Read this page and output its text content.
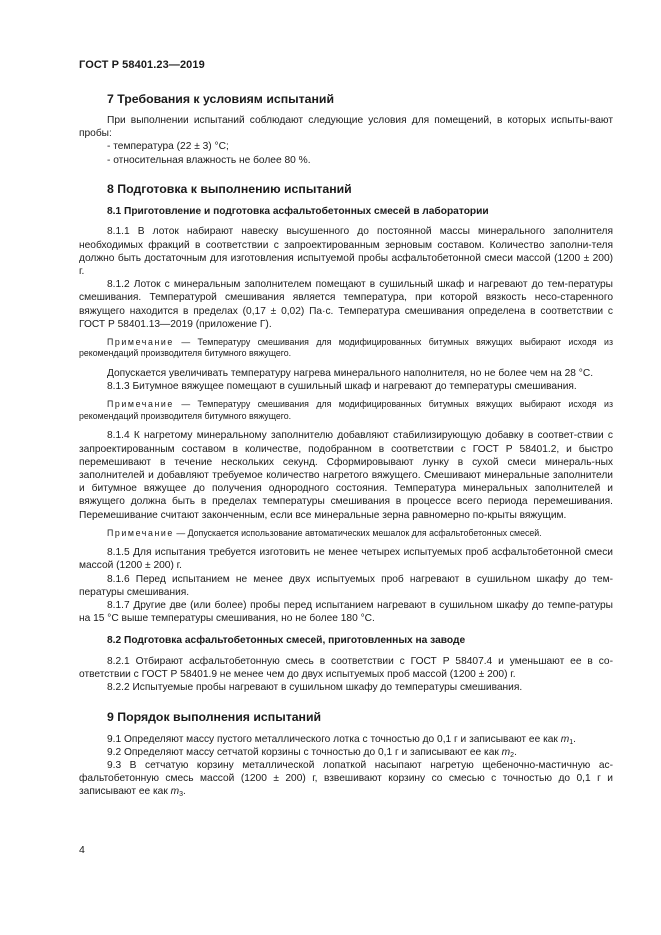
ГОСТ Р 58401.23—2019
7 Требования к условиям испытаний

При выполнении испытаний соблюдают следующие условия для помещений, в которых испыты-вают пробы:

- температура (22 ± 3) °С;

- относительная влажность не более 80 %.

8 Подготовка к выполнению испытаний
8.1 Приготовление и подготовка асфальтобетонных смесей в лаборатории

8.1.1 В лоток набирают навеску высушенного до постоянной массы минерального заполнителя необходимых фракций в соответствии с запроектированным зерновым составом. Количество заполни-теля должно быть достаточным для изготовления испытуемой пробы асфальтобетонной смеси массой (1200 ± 200) г.

8.1.2 Лоток с минеральным заполнителем помещают в сушильный шкаф и нагревают до тем-пературы смешивания. Температурой смешивания является температура, при которой вязкость несо-старенного вяжущего находится в пределах (0,17 ± 0,02) Па·с. Температура смешивания определена в соответствии с ГОСТ Р 58401.13—2019 (приложение Г).

Примечание — Температуру смешивания для модифицированных битумных вяжущих выбирают исходя из рекомендаций производителя битумного вяжущего.

Допускается увеличивать температуру нагрева минерального наполнителя, но не более чем на 28 °С.

8.1.3 Битумное вяжущее помещают в сушильный шкаф и нагревают до температуры смешивания.

Примечание — Температуру смешивания для модифицированных битумных вяжущих выбирают исходя из рекомендаций производителя битумного вяжущего.

8.1.4 К нагретому минеральному заполнителю добавляют стабилизирующую добавку в соответ-ствии с запроектированным составом в количестве, подобранном в соответствии с ГОСТ Р 58401.2, и быстро перемешивают в течение нескольких секунд. Сформировывают лунку в сухой смеси минераль-ных заполнителей и добавляют требуемое количество нагретого вяжущего. Смешивают минеральные заполнители и битумное вяжущее до получения однородного состояния. Температура минеральных заполнителей и вяжущего должна быть в пределах температуры смешивания в процессе всего периода перемешивания. Перемешивание считают законченным, если все минеральные зерна равномерно по-крыты вяжущим.

Примечание — Допускается использование автоматических мешалок для асфальтобетонных смесей.

8.1.5 Для испытания требуется изготовить не менее четырех испытуемых проб асфальтобетонной смеси массой (1200 ± 200) г.

8.1.6 Перед испытанием не менее двух испытуемых проб нагревают в сушильном шкафу до тем-пературы смешивания.

8.1.7 Другие две (или более) пробы перед испытанием нагревают в сушильном шкафу до темпе-ратуры на 15 °С выше температуры смешивания, но не более 180 °С.

8.2 Подготовка асфальтобетонных смесей, приготовленных на заводе

8.2.1 Отбирают асфальтобетонную смесь в соответствии с ГОСТ Р 58407.4 и уменьшают ее в со-ответствии с ГОСТ Р 58401.9 не менее чем до двух испытуемых проб массой (1200 ± 200) г.

8.2.2 Испытуемые пробы нагревают в сушильном шкафу до температуры смешивания.

9 Порядок выполнения испытаний

9.1 Определяют массу пустого металлического лотка с точностью до 0,1 г и записывают ее как $m_1$.

9.2 Определяют массу сетчатой корзины с точностью до 0,1 г и записывают ее как $m_2$.

9.3 В сетчатую корзину металлической лопаткой насыпают нагретую щебеночно-мастичную ас-фальтобетонную смесь массой (1200 ± 200) г, взвешивают корзину со смесью с точностью до 0,1 г и записывают ее как $m_3$.

4
